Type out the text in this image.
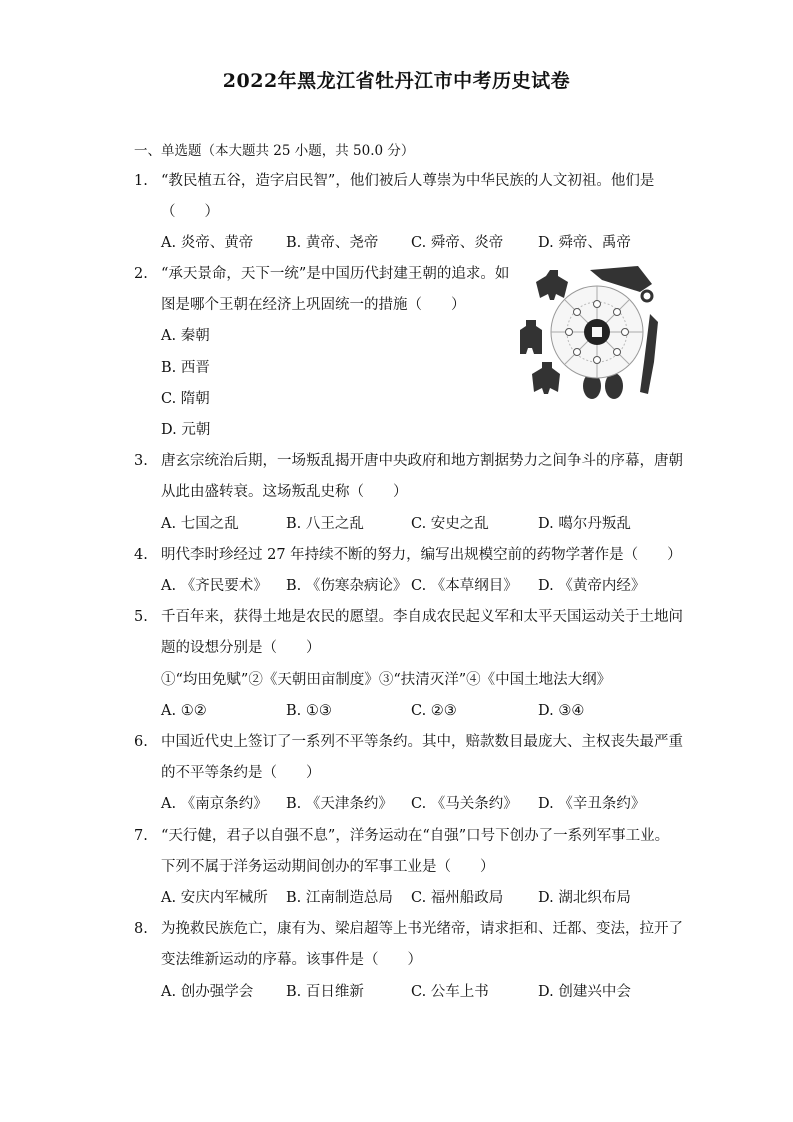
2022年黑龙江省牡丹江市中考历史试卷
一、单选题（本大题共 25 小题，共 50.0 分）
1. “教民植五谷，造字启民智”，他们被后人尊崇为中华民族的人文初祖。他们是
（　　）
A. 炎帝、黄帝 B. 黄帝、尧帝 C. 舜帝、炎帝 D. 舜帝、禹帝
2. “承天景命，天下一统”是中国历代封建王朝的追求。如
图是哪个王朝在经济上巩固统一的措施（　　）
A. 秦朝
B. 西晋
C. 隋朝
D. 元朝
3. 唐玄宗统治后期，一场叛乱揭开唐中央政府和地方割据势力之间争斗的序幕，唐朝
从此由盛转衰。这场叛乱史称（　　）
A. 七国之乱	B. 八王之乱	C. 安史之乱	D. 噶尔丹叛乱
4. 明代李时珍经过 27 年持续不断的努力，编写出规模空前的药物学著作是（　　）
A. 《齐民要术》 B. 《伤寒杂病论》 C. 《本草纲目》 D. 《黄帝内经》
5. 千百年来，获得土地是农民的愿望。李自成农民起义军和太平天国运动关于土地问
题的设想分别是（　　）
①“均田免赋”②《天朝田亩制度》③“扶清灭洋”④《中国土地法大纲》
A. ①②	B. ①③	C. ②③	D. ③④
6. 中国近代史上签订了一系列不平等条约。其中，赔款数目最庞大、主权丧失最严重
的不平等条约是（　　）
A. 《南京条约》 B. 《天津条约》 C. 《马关条约》 D. 《辛丑条约》
7. “天行健，君子以自强不息”，洋务运动在“自强”口号下创办了一系列军事工业。
下列不属于洋务运动期间创办的军事工业是（　　）
A. 安庆内军械所 B. 江南制造总局 C. 福州船政局 D. 湖北织布局
8. 为挽救民族危亡，康有为、梁启超等上书光绪帝，请求拒和、迁都、变法，拉开了
变法维新运动的序幕。该事件是（　　）
A. 创办强学会 B. 百日维新	C. 公车上书	D. 创建兴中会
